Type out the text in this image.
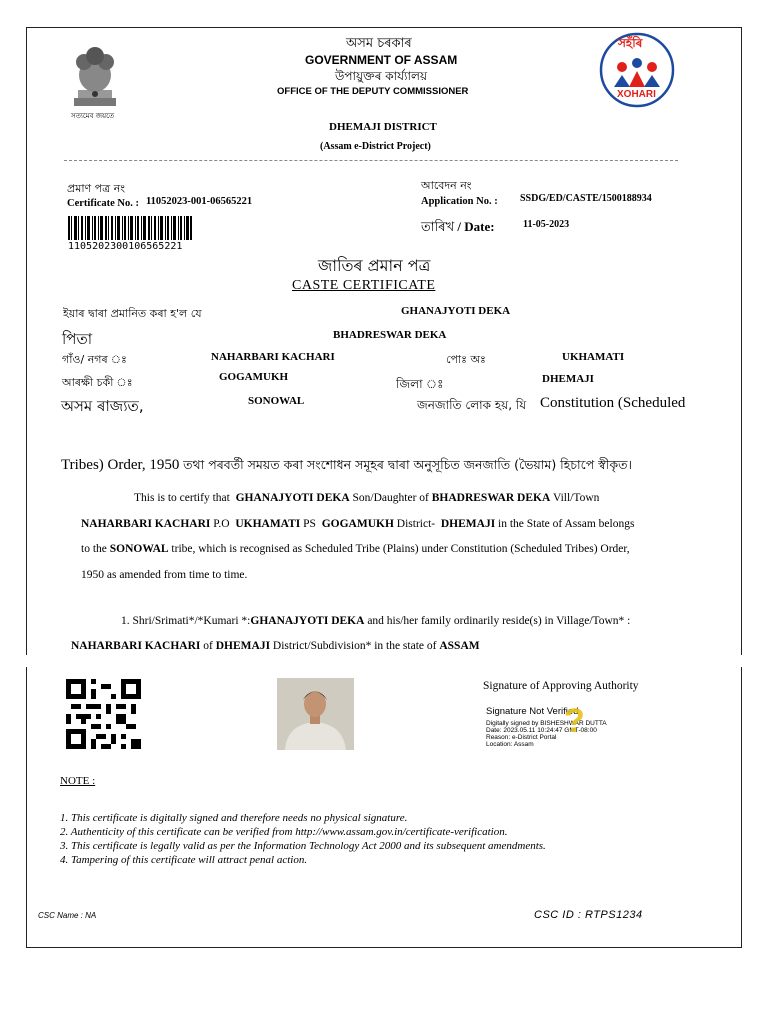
সত্যমেব জয়তে
অসম চৰকাৰ
GOVERNMENT OF ASSAM
উপায়ুক্তৰ কাৰ্য্যালয়
OFFICE OF THE DEPUTY COMMISSIONER
DHEMAJI DISTRICT
(Assam e-District Project)
সহঁৰি
XOHARI
প্ৰমাণ পত্ৰ নং
Certificate No. : 11052023-001-06565221
110520230010656522​1
আবেদন নং
Application No. : SSDG/ED/CASTE/1500188934
তাৰিখ / Date:	11-05-2023
জাতিৰ প্ৰমান পত্ৰ
CASTE CERTIFICATE
ইয়াৰ দ্বাৰা প্ৰমানিত কৰা হ'ল যে	GHANAJYOTI DEKA
পিতা	BHADRESWAR DEKA
গাঁও/ নগৰ ঃ	NAHARBARI KACHARI	পোঃ অঃ	UKHAMATI
আৰক্ষী চকী ঃ	GOGAMUKH	জিলা ঃ	DHEMAJI
অসম ৰাজ্যত,	SONOWAL	জনজাতি লোক হয়, যি Constitution (Scheduled
Tribes) Order, 1950 তথা পৰবৰ্তী সময়ত কৰা সংশোধন সমূহৰ দ্বাৰা অনুসূচিত জনজাতি (ভৈয়াম) হিচাপে স্বীকৃত।
This is to certify that GHANAJYOTI DEKA Son/Daughter of BHADRESWAR DEKA Vill/Town
NAHARBARI KACHARI P.O UKHAMATI PS GOGAMUKH District- DHEMAJI in the State of Assam belongs
to the SONOWAL tribe, which is recognised as Scheduled Tribe (Plains) under Constitution (Scheduled Tribes) Order,
1950 as amended from time to time.
1. Shri/Srimati*/*Kumari *:GHANAJYOTI DEKA and his/her family ordinarily reside(s) in Village/Town* :
NAHARBARI KACHARI of DHEMAJI District/Subdivision* in the state of ASSAM
Signature of Approving Authority
Signature Not Verified
Digitally signed by BISHESHWAR DUTTA
Date: 2023.05.11 10:24:47 GMT-08:00
Reason: e-District Portal
Location: Assam
?
NOTE :
1. This certificate is digitally signed and therefore needs no physical signature.
2. Authenticity of this certificate can be verified from http://www.assam.gov.in/certificate-verification.
3. This certificate is legally valid as per the Information Technology Act 2000 and its subsequent amendments.
4. Tampering of this certificate will attract penal action.
CSC Name : NA	CSC ID : RTPS1234
